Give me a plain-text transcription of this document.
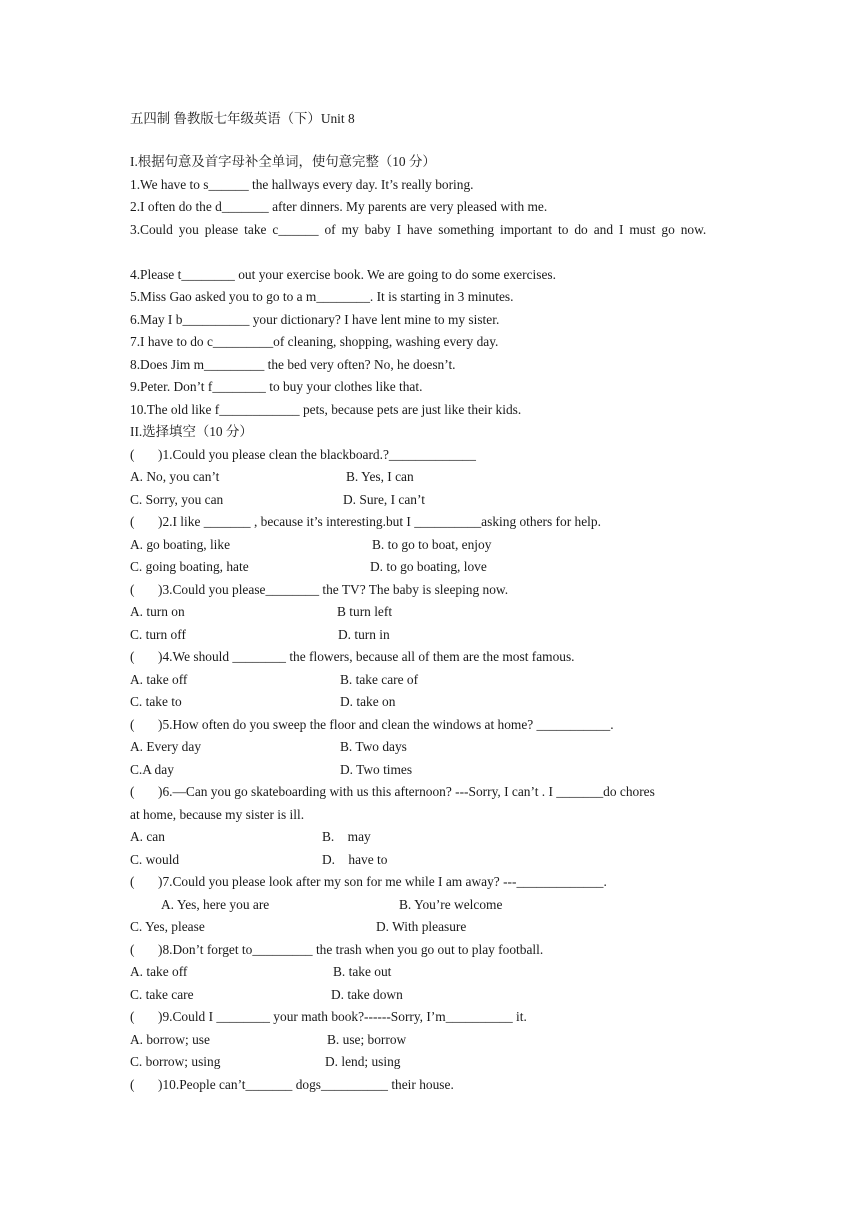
五四制 鲁教版七年级英语（下）Unit 8
I.根据句意及首字母补全单词，使句意完整（10 分）
1.We have to s______ the hallways every day. It’s really boring.
2.I often do the d_______ after dinners. My parents are very pleased with me.
3.Could you please take c______ of my baby I have something important to do and I must go now.
4.Please t________ out your exercise book. We are going to do some exercises.
5.Miss Gao asked you to go to a m________. It is starting in 3 minutes.
6.May I b__________ your dictionary? I have lent mine to my sister.
7.I have to do c_________of cleaning, shopping, washing every day.
8.Does Jim m_________ the bed very often? No, he doesn’t.
9.Peter. Don’t f________ to buy your clothes like that.
10.The old like f____________ pets, because pets are just like their kids.
II.选择填空（10 分）
( )1.Could you please clean the blackboard.?_____________
A. No, you can’t	B. Yes, I can
C. Sorry, you can	D. Sure, I can’t
( )2.I like _______ , because it’s interesting.but I __________asking others for help.
A. go boating, like	B. to go to boat, enjoy
C. going boating, hate	D. to go boating, love
( )3.Could you please________ the TV? The baby is sleeping now.
A. turn on	B turn left
C. turn off	D. turn in
( )4.We should ________ the flowers, because all of them are the most famous.
A. take off	B. take care of
C. take to	D. take on
( )5.How often do you sweep the floor and clean the windows at home? ___________.
A. Every day	B. Two days
C.A day	D. Two times
( )6.—Can you go skateboarding with us this afternoon? ---Sorry, I can’t . I _______do chores
at home, because my sister is ill.
A. can	B.    may
C. would	D.    have to
( )7.Could you please look after my son for me while I am away? ---_____________.
A. Yes, here you are	B. You’re welcome
C. Yes, please	D. With pleasure
( )8.Don’t forget to_________ the trash when you go out to play football.
A. take off	B. take out
C. take care	D. take down
( )9.Could I ________ your math book?------Sorry, I’m__________ it.
A. borrow; use	B. use; borrow
C. borrow; using	D. lend; using
( )10.People can’t_______ dogs__________ their house.
